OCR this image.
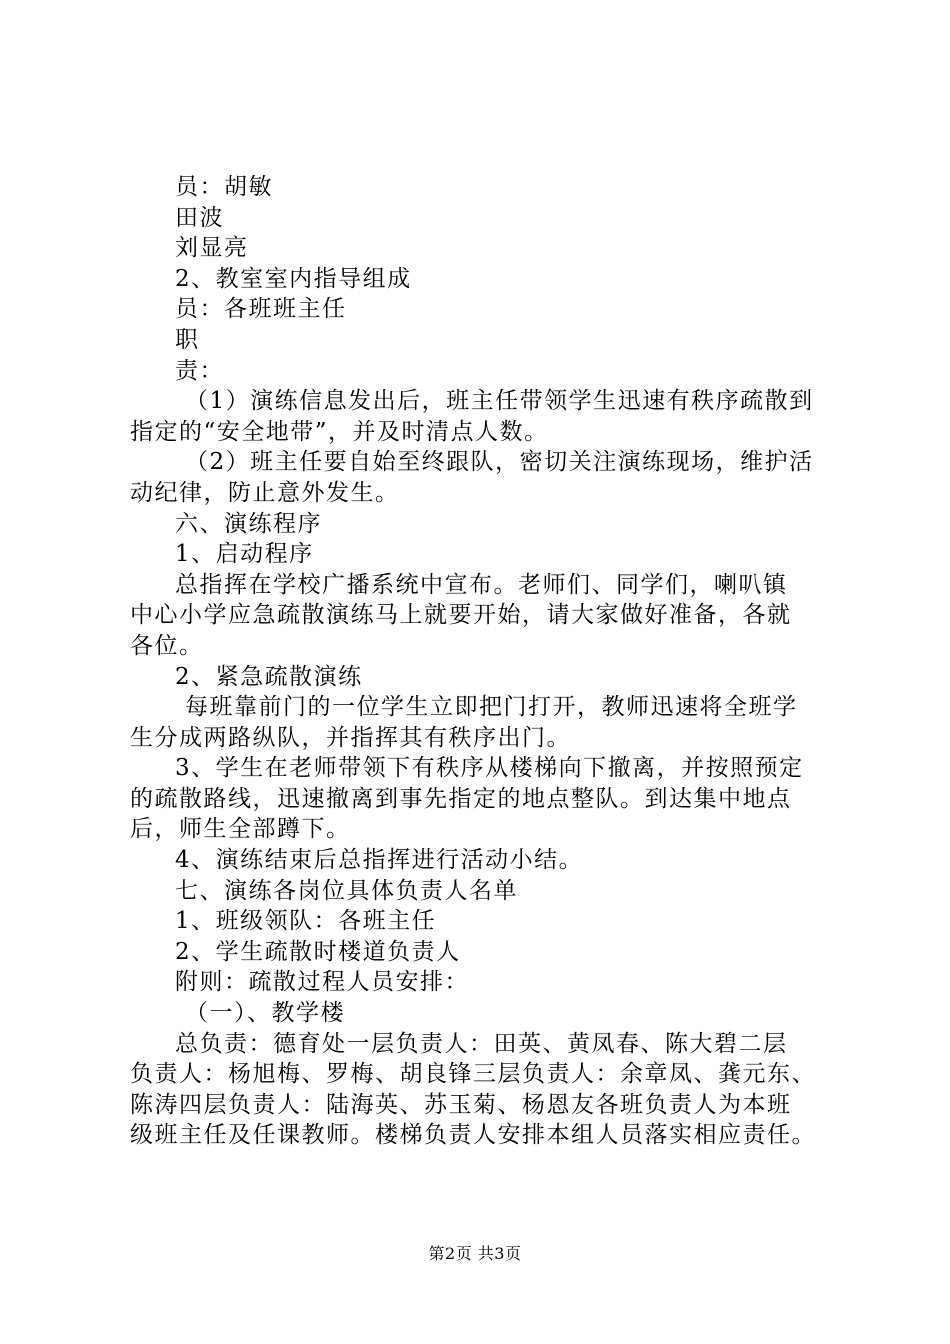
员：胡敏

田波

刘显亮

2、教室室内指导组成

员：各班班主任

职

责：

（1）演练信息发出后，班主任带领学生迅速有秩序疏散到

指定的“安全地带”，并及时清点人数。

（2）班主任要自始至终跟队，密切关注演练现场，维护活

动纪律，防止意外发生。

六、演练程序

1、启动程序

总指挥在学校广播系统中宣布。老师们、同学们，喇叭镇

中心小学应急疏散演练马上就要开始，请大家做好准备，各就

各位。

2、紧急疏散演练

每班靠前门的一位学生立即把门打开，教师迅速将全班学

生分成两路纵队，并指挥其有秩序出门。

3、学生在老师带领下有秩序从楼梯向下撤离，并按照预定

的疏散路线，迅速撤离到事先指定的地点整队。到达集中地点

后，师生全部蹲下。

4、演练结束后总指挥进行活动小结。

七、演练各岗位具体负责人名单

1、班级领队：各班主任

2、学生疏散时楼道负责人

附则：疏散过程人员安排：

（一）、教学楼

总负责：德育处一层负责人：田英、黄凤春、陈大碧二层

负责人：杨旭梅、罗梅、胡良锋三层负责人：余章凤、龚元东、

陈涛四层负责人：陆海英、苏玉菊、杨恩友各班负责人为本班

级班主任及任课教师。楼梯负责人安排本组人员落实相应责任。

第2页 共3页
